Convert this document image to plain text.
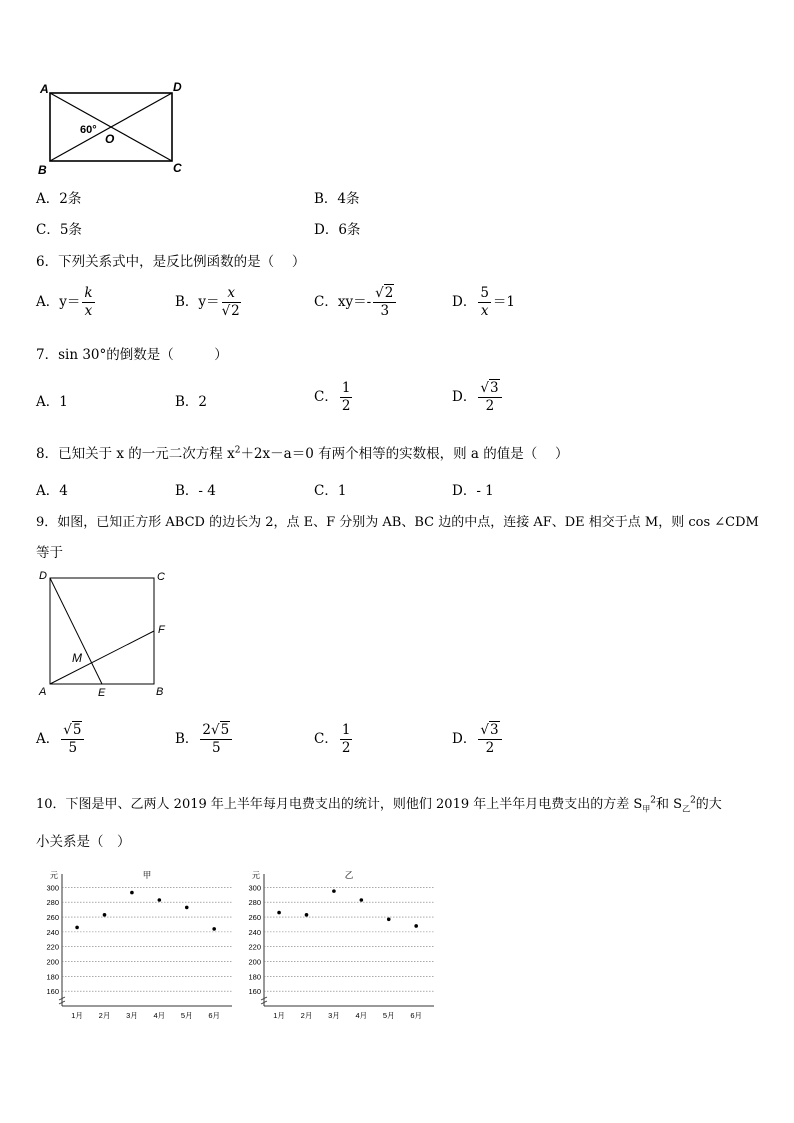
A	D
B	C
O
60°
A．2条	B．4条
C．5条	D．6条
6．下列关系式中，是反比例函数的是（　 ）
A．$y= \frac{k}{x}$	B．$y= \frac{x}{√2}$	C．$xy=- \frac{√2}{3}$	D． $\frac{5}{x} =1$
7．sin 30°的倒数是（　　　）
A．1	B．2	C． $\frac{1}{2}$	D． $\frac{√3}{2}$
8．已知关于 x 的一元二次方程 $x^2+2x-a=0$ 有两个相等的实数根，则 a 的值是（　 ）
A．4	B．- 4	C．1	D．- 1
9．如图，已知正方形 ABCD 的边长为 2，点 E、F 分别为 AB、BC 边的中点，连接 AF、DE 相交于点 M，则 cos ∠CDM
等于
D	C
A	B
E
F
M
A． $\frac{√5}{5}$	B． $\frac{2√5}{5}$	C． $\frac{1}{2}$	D． $\frac{√3}{2}$
10．下图是甲、乙两人 2019 年上半年每月电费支出的统计，则他们 2019 年上半年月电费支出的方差 $S_甲^2$和 $S_乙^2$的大
小关系是（　）
160
180
200
220
240
260
280
300
元	甲
1月 2月 3月 4月 5月 6月
160
180
200
220
240
260
280
300
元	乙
1月 2月 3月 4月 5月 6月
